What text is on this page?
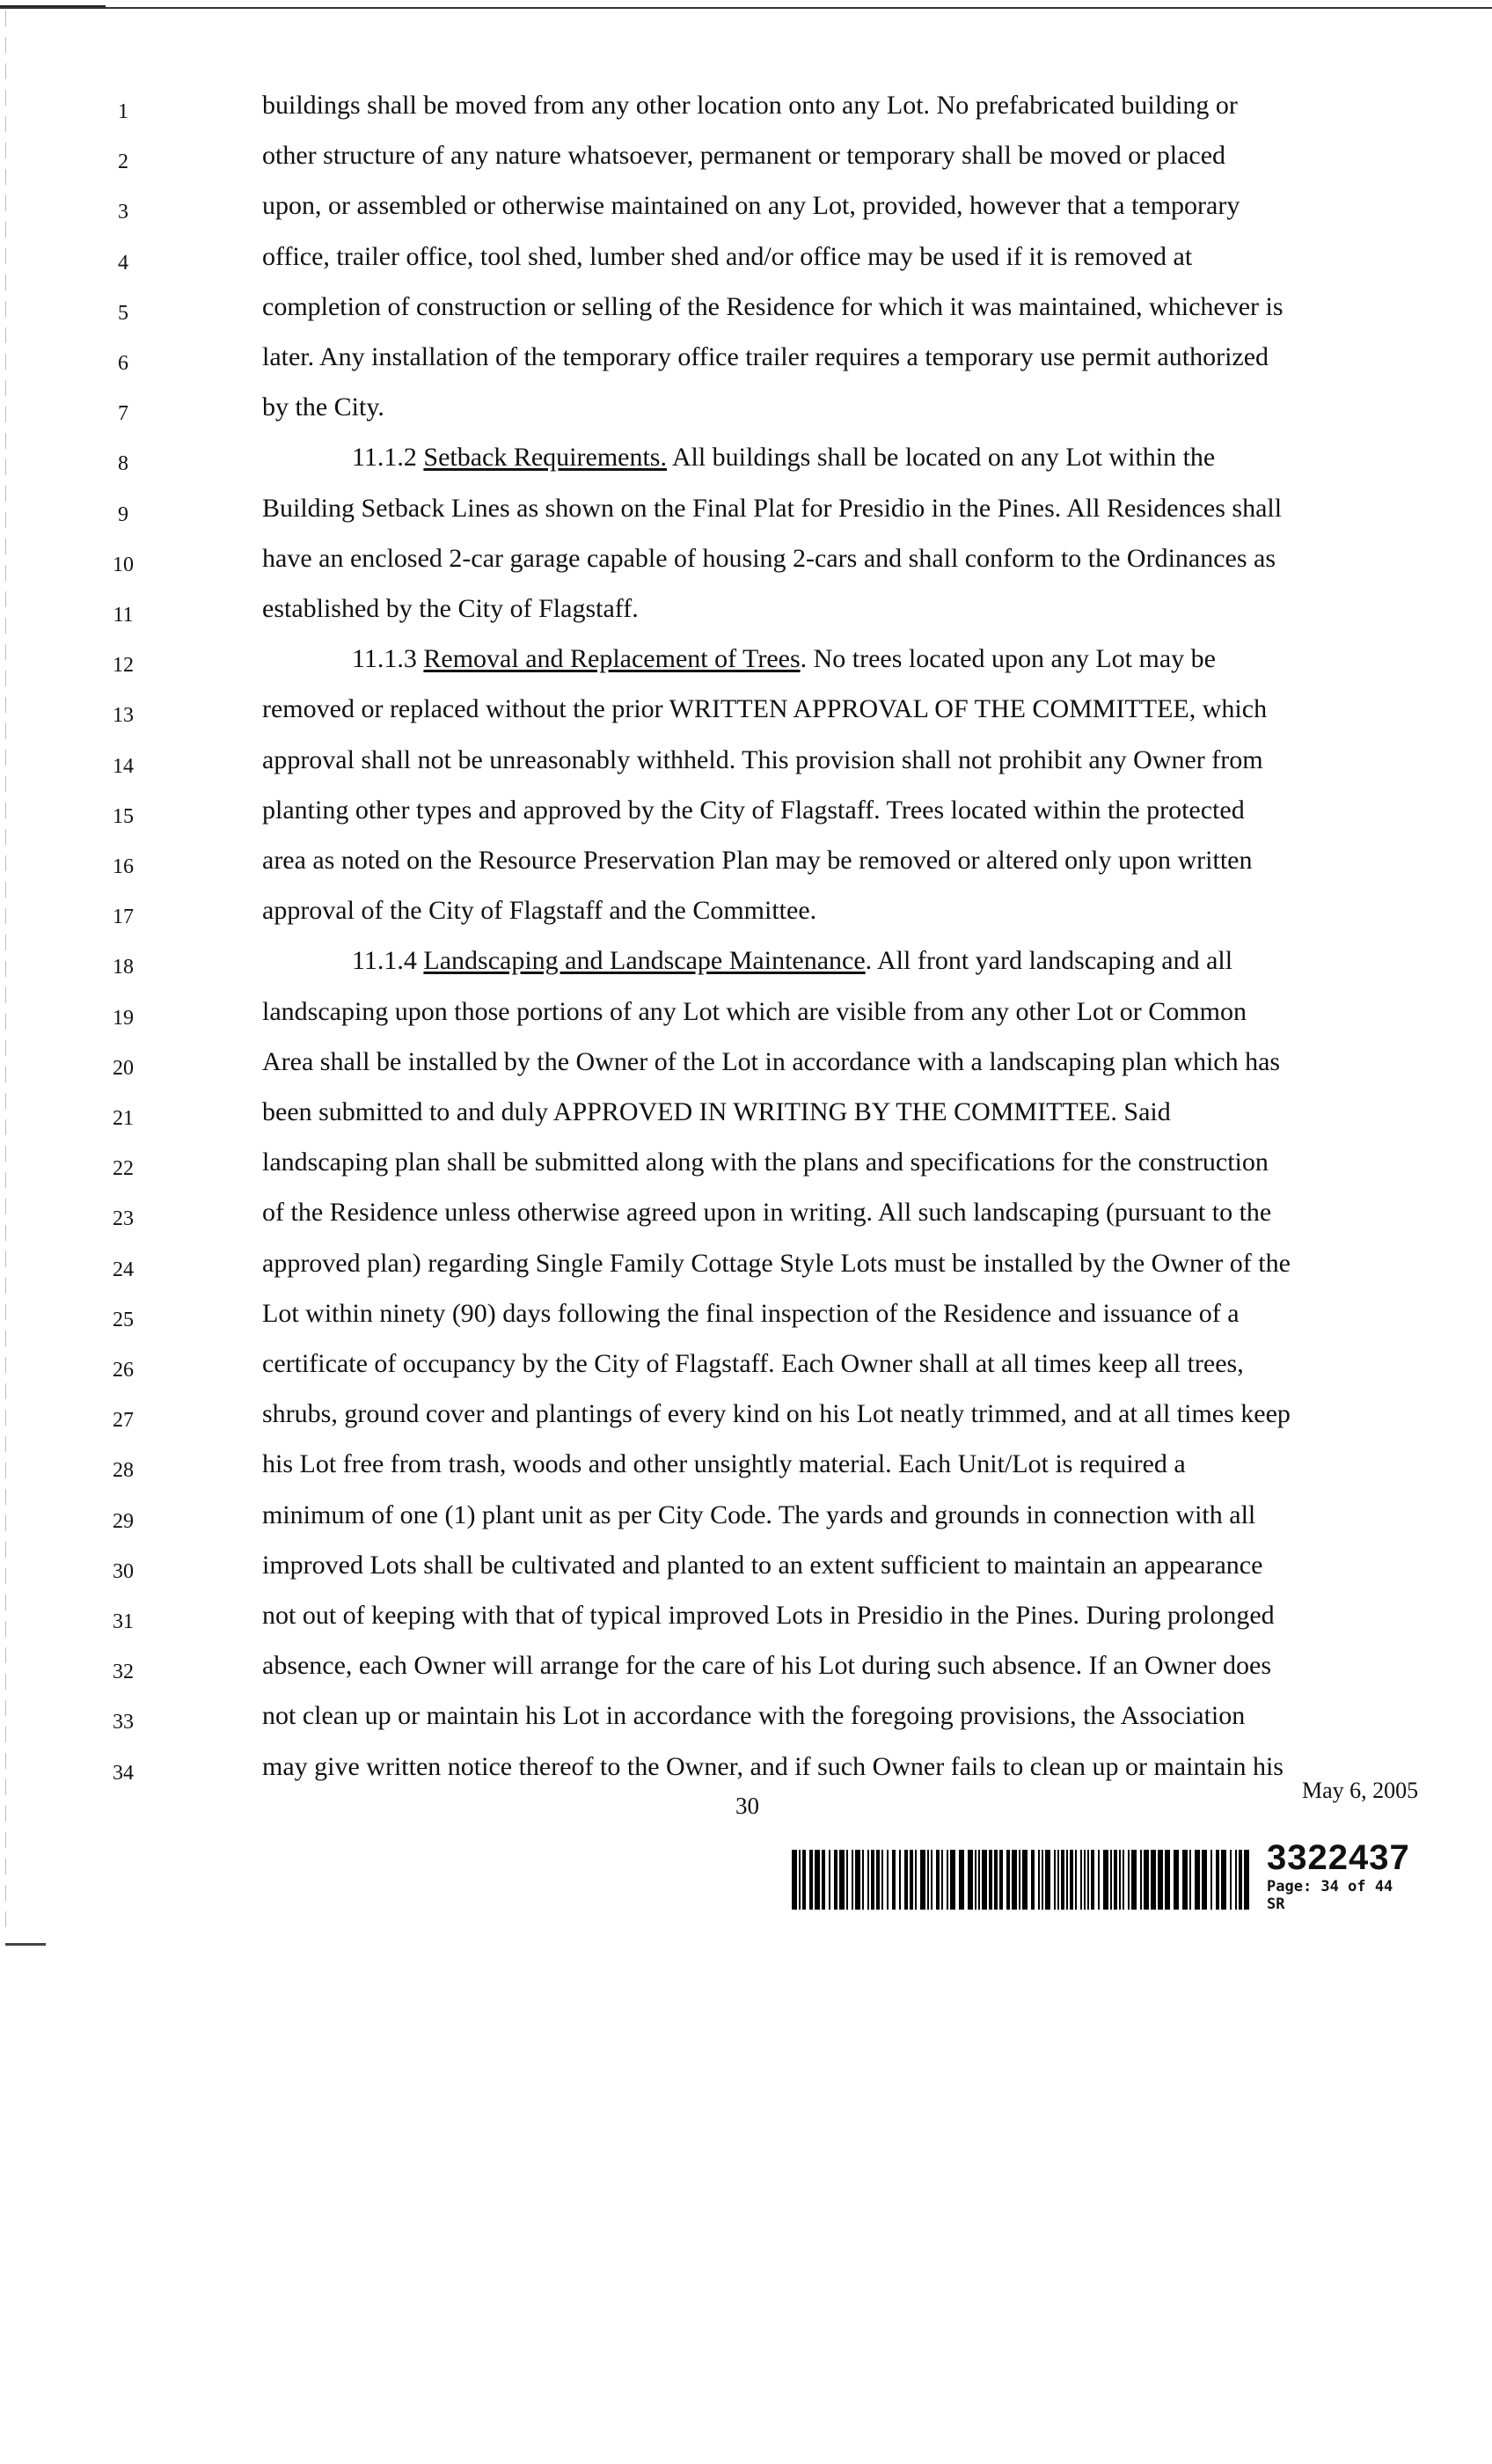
1	buildings shall be moved from any other location onto any Lot. No prefabricated building or
2	other structure of any nature whatsoever, permanent or temporary shall be moved or placed
3	upon, or assembled or otherwise maintained on any Lot, provided, however that a temporary
4	office, trailer office, tool shed, lumber shed and/or office may be used if it is removed at
5	completion of construction or selling of the Residence for which it was maintained, whichever is
6	later. Any installation of the temporary office trailer requires a temporary use permit authorized
7	by the City.
8	11.1.2 Setback Requirements. All buildings shall be located on any Lot within the
9	Building Setback Lines as shown on the Final Plat for Presidio in the Pines. All Residences shall
10	have an enclosed 2-car garage capable of housing 2-cars and shall conform to the Ordinances as
11	established by the City of Flagstaff.
12	11.1.3 Removal and Replacement of Trees. No trees located upon any Lot may be
13	removed or replaced without the prior WRITTEN APPROVAL OF THE COMMITTEE, which
14	approval shall not be unreasonably withheld. This provision shall not prohibit any Owner from
15	planting other types and approved by the City of Flagstaff. Trees located within the protected
16	area as noted on the Resource Preservation Plan may be removed or altered only upon written
17	approval of the City of Flagstaff and the Committee.
18	11.1.4 Landscaping and Landscape Maintenance. All front yard landscaping and all
19	landscaping upon those portions of any Lot which are visible from any other Lot or Common
20	Area shall be installed by the Owner of the Lot in accordance with a landscaping plan which has
21	been submitted to and duly APPROVED IN WRITING BY THE COMMITTEE. Said
22	landscaping plan shall be submitted along with the plans and specifications for the construction
23	of the Residence unless otherwise agreed upon in writing. All such landscaping (pursuant to the
24	approved plan) regarding Single Family Cottage Style Lots must be installed by the Owner of the
25	Lot within ninety (90) days following the final inspection of the Residence and issuance of a
26	certificate of occupancy by the City of Flagstaff. Each Owner shall at all times keep all trees,
27	shrubs, ground cover and plantings of every kind on his Lot neatly trimmed, and at all times keep
28	his Lot free from trash, woods and other unsightly material. Each Unit/Lot is required a
29	minimum of one (1) plant unit as per City Code. The yards and grounds in connection with all
30	improved Lots shall be cultivated and planted to an extent sufficient to maintain an appearance
31	not out of keeping with that of typical improved Lots in Presidio in the Pines. During prolonged
32	absence, each Owner will arrange for the care of his Lot during such absence. If an Owner does
33	not clean up or maintain his Lot in accordance with the foregoing provisions, the Association
34	may give written notice thereof to the Owner, and if such Owner fails to clean up or maintain his
30
May 6, 2005
3322437
Page: 34 of 44
SR
